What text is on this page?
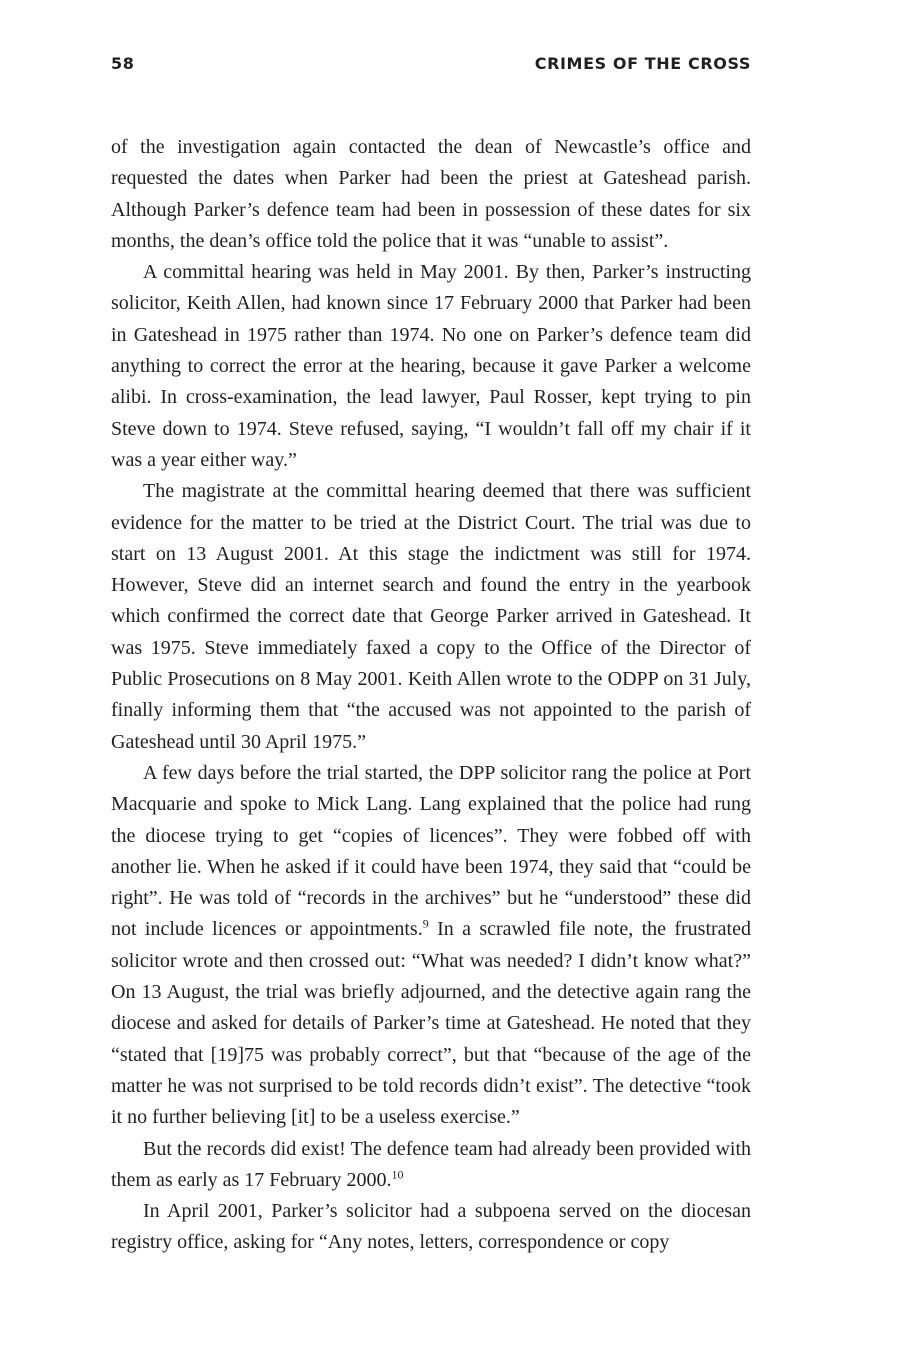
58	CRIMES OF THE CROSS

of the investigation again contacted the dean of Newcastle’s office and requested the dates when Parker had been the priest at Gateshead parish. Although Parker’s defence team had been in possession of these dates for six months, the dean’s office told the police that it was “unable to assist”.

A committal hearing was held in May 2001. By then, Parker’s instructing solicitor, Keith Allen, had known since 17 February 2000 that Parker had been in Gateshead in 1975 rather than 1974. No one on Parker’s defence team did anything to correct the error at the hearing, because it gave Parker a welcome alibi. In cross-examination, the lead lawyer, Paul Rosser, kept trying to pin Steve down to 1974. Steve refused, saying, “I wouldn’t fall off my chair if it was a year either way.”

The magistrate at the committal hearing deemed that there was sufficient evidence for the matter to be tried at the District Court. The trial was due to start on 13 August 2001. At this stage the indictment was still for 1974. However, Steve did an internet search and found the entry in the yearbook which confirmed the correct date that George Parker arrived in Gateshead. It was 1975. Steve immediately faxed a copy to the Office of the Director of Public Prosecutions on 8 May 2001. Keith Allen wrote to the ODPP on 31 July, finally informing them that “the accused was not appointed to the parish of Gateshead until 30 April 1975.”

A few days before the trial started, the DPP solicitor rang the police at Port Macquarie and spoke to Mick Lang. Lang explained that the police had rung the diocese trying to get “copies of licences”. They were fobbed off with another lie. When he asked if it could have been 1974, they said that “could be right”. He was told of “records in the archives” but he “understood” these did not include licences or appointments.$^9$ In a scrawled file note, the frustrated solicitor wrote and then crossed out: “What was needed? I didn’t know what?” On 13 August, the trial was briefly adjourned, and the detective again rang the diocese and asked for details of Parker’s time at Gateshead. He noted that they “stated that [19]75 was probably correct”, but that “because of the age of the matter he was not surprised to be told records didn’t exist”. The detective “took it no further believing [it] to be a useless exercise.”

But the records did exist! The defence team had already been provided with them as early as 17 February 2000.10

In April 2001, Parker’s solicitor had a subpoena served on the diocesan registry office, asking for “Any notes, letters, correspondence or copy
